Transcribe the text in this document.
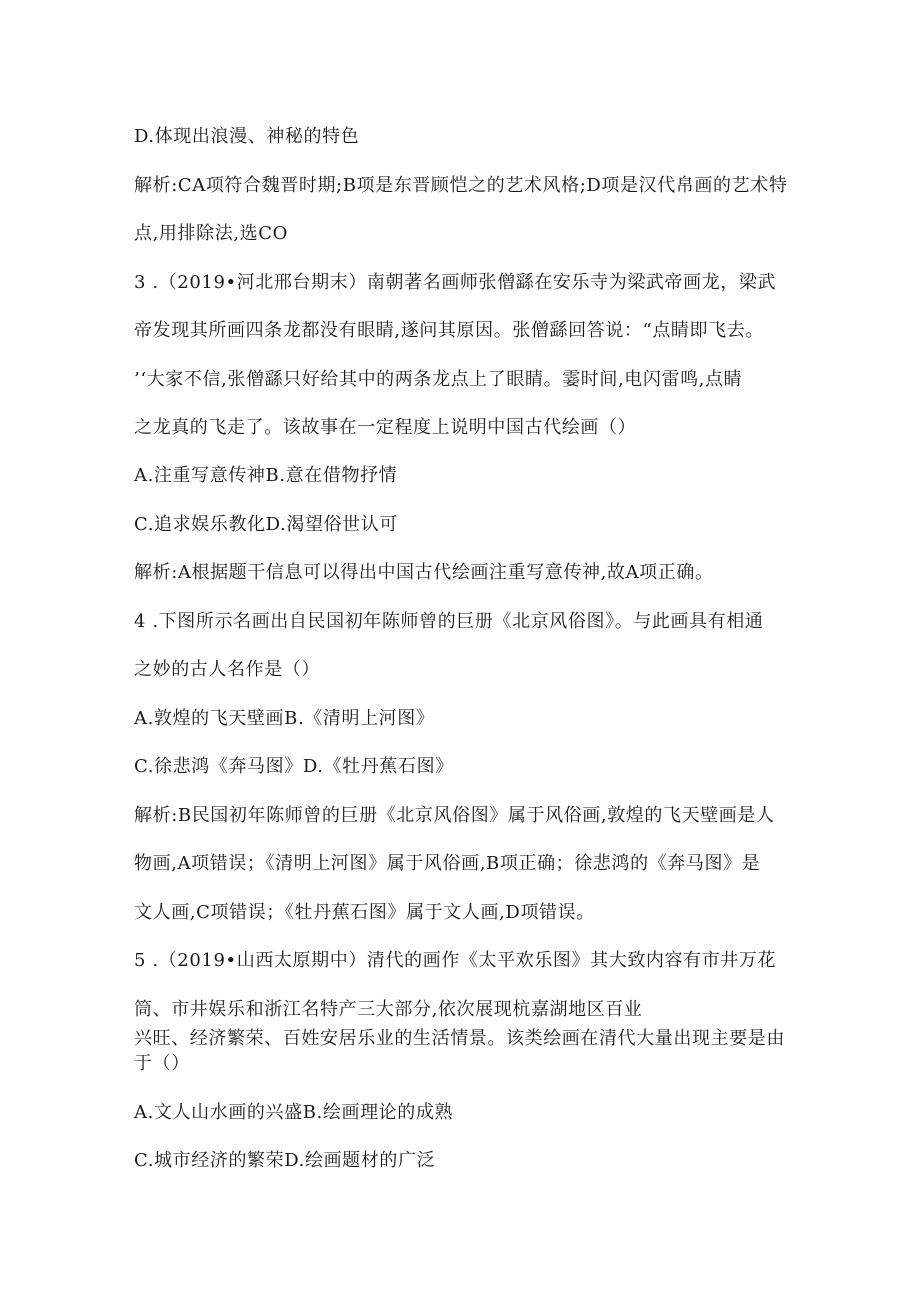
D.体现出浪漫、神秘的特色
解析:CA项符合魏晋时期;B项是东晋顾恺之的艺术风格;D项是汉代帛画的艺术特
点,用排除法,选CO
3 .（2019•河北邢台期末）南朝著名画师张僧繇在安乐寺为梁武帝画龙，梁武
帝发现其所画四条龙都没有眼睛,遂问其原因。张僧繇回答说：“点睛即飞去。
’‘大家不信,张僧繇只好给其中的两条龙点上了眼睛。霎时间,电闪雷鸣,点睛
之龙真的飞走了。该故事在一定程度上说明中国古代绘画（）
A.注重写意传神B.意在借物抒情
C.追求娱乐教化D.渴望俗世认可
解析:A根据题干信息可以得出中国古代绘画注重写意传神,故A项正确。
4 .下图所示名画出自民国初年陈师曾的巨册《北京风俗图》。与此画具有相通
之妙的古人名作是（）
A.敦煌的飞天壁画B.《清明上河图》
C.徐悲鸿《奔马图》D.《牡丹蕉石图》
解析:B民国初年陈师曾的巨册《北京风俗图》属于风俗画,敦煌的飞天壁画是人
物画,A项错误；《清明上河图》属于风俗画,B项正确；徐悲鸿的《奔马图》是
文人画,C项错误；《牡丹蕉石图》属于文人画,D项错误。
5 .（2019•山西太原期中）清代的画作《太平欢乐图》其大致内容有市井万花
筒、市井娱乐和浙江名特产三大部分,依次展现杭嘉湖地区百业
兴旺、经济繁荣、百姓安居乐业的生活情景。该类绘画在清代大量出现主要是由
于（）
A.文人山水画的兴盛B.绘画理论的成熟
C.城市经济的繁荣D.绘画题材的广泛
